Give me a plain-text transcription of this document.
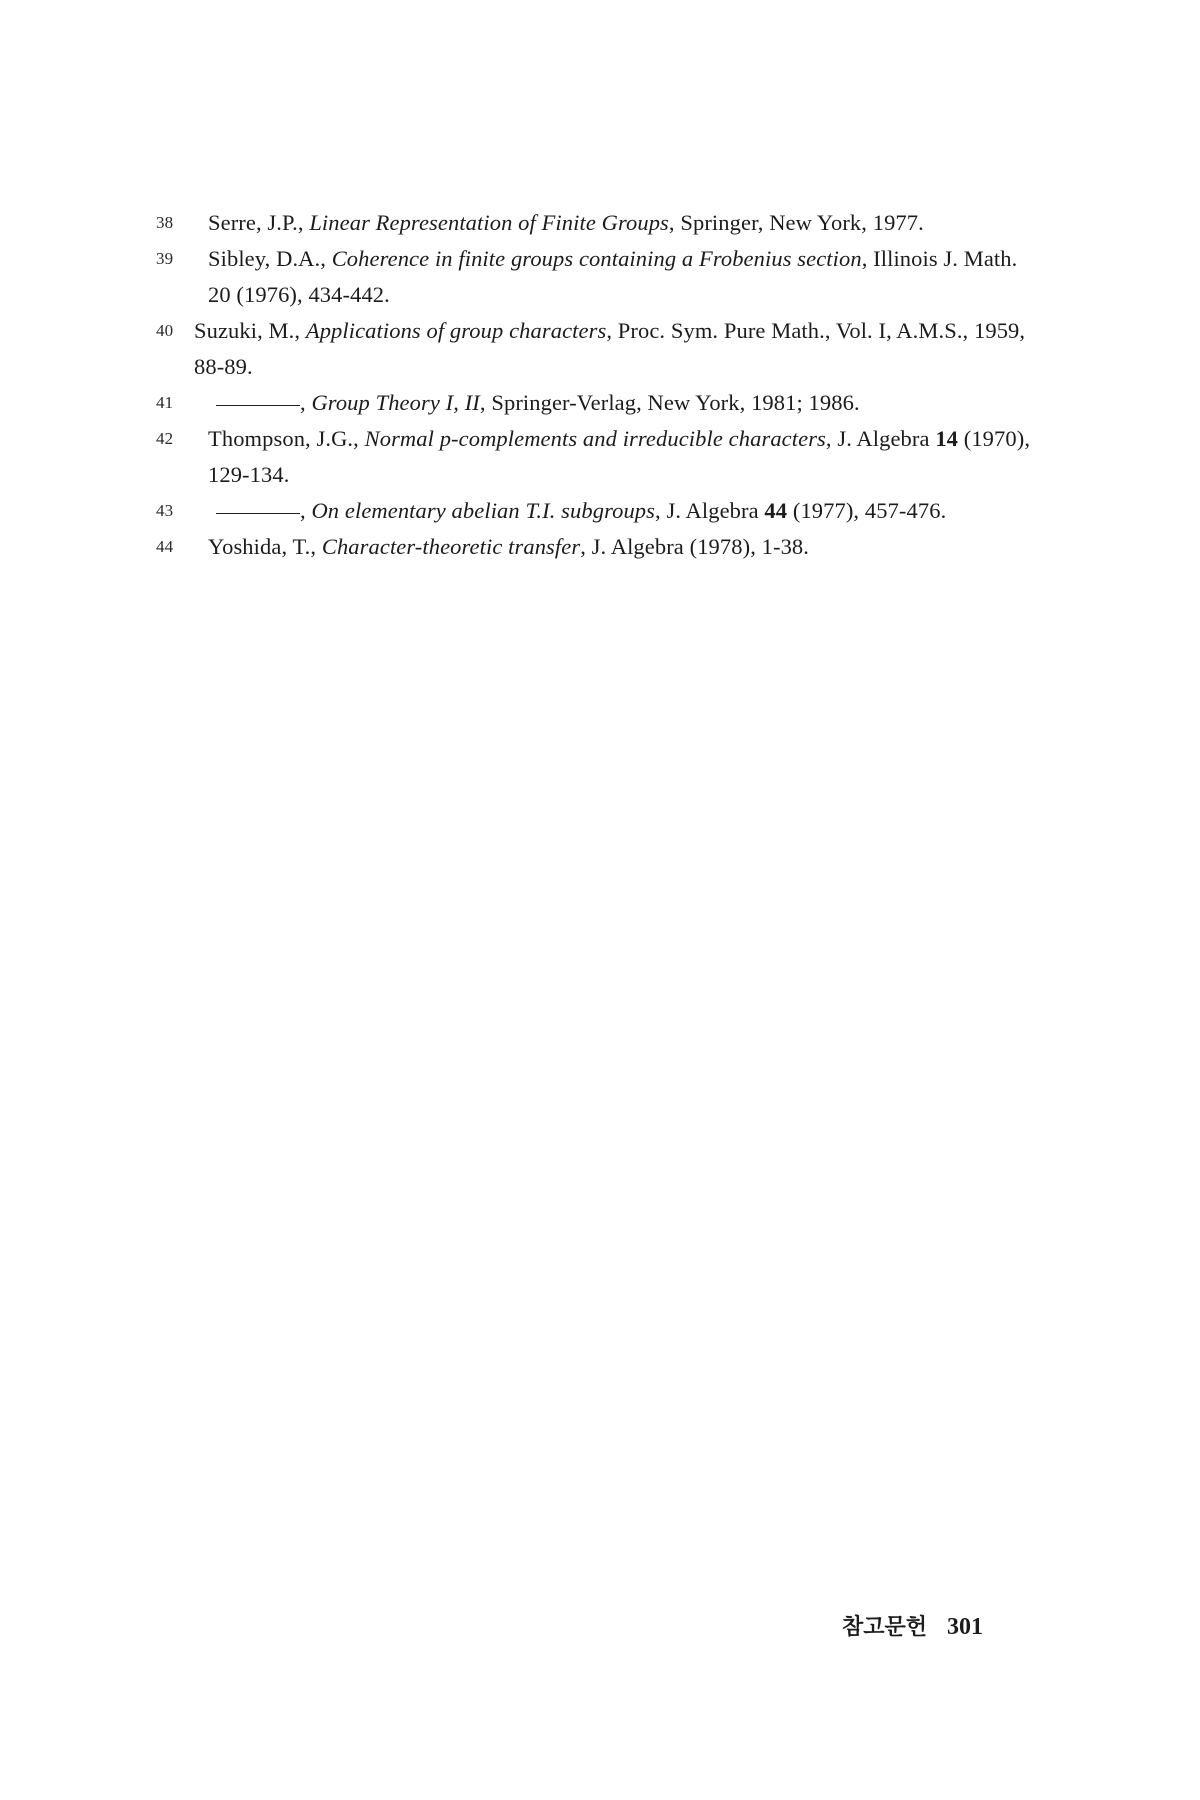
38	Serre, J.P., Linear Representation of Finite Groups, Springer, New York, 1977.
39	Sibley, D.A., Coherence in finite groups containing a Frobenius section, Illinois J. Math. 20 (1976), 434-442.
40 Suzuki, M., Applications of group characters, Proc. Sym. Pure Math., Vol. I, A.M.S., 1959, 88-89.
41	, Group Theory I, II, Springer-Verlag, New York, 1981; 1986.
42	Thompson, J.G., Normal p-complements and irreducible characters, J. Algebra 14 (1970), 129-134.
43	, On elementary abelian T.I. subgroups, J. Algebra 44 (1977), 457-476.
44	Yoshida, T., Character-theoretic transfer, J. Algebra (1978), 1-38.
참고문헌 301
